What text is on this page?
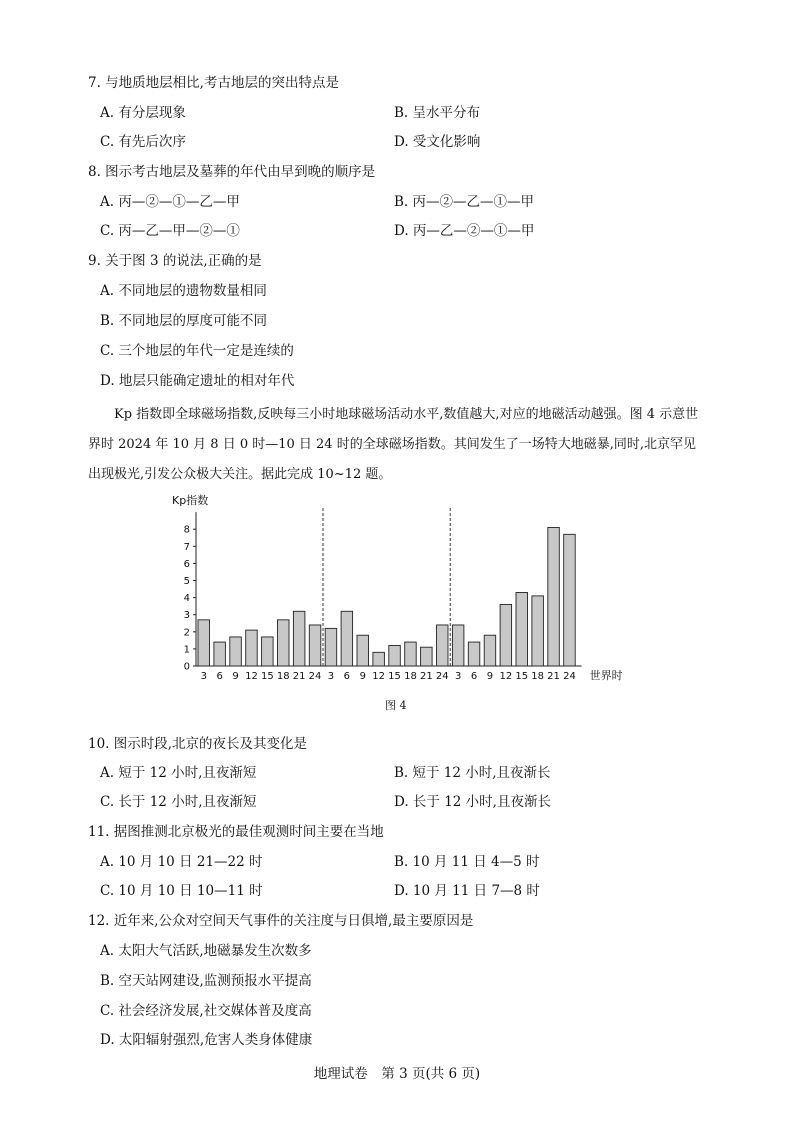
7. 与地质地层相比,考古地层的突出特点是
A. 有分层现象	B. 呈水平分布
C. 有先后次序	D. 受文化影响
8. 图示考古地层及墓葬的年代由早到晚的顺序是
A. 丙—②—①—乙—甲	B. 丙—②—乙—①—甲
C. 丙—乙—甲—②—①	D. 丙—乙—②—①—甲
9. 关于图 3 的说法,正确的是
A. 不同地层的遗物数量相同
B. 不同地层的厚度可能不同
C. 三个地层的年代一定是连续的
D. 地层只能确定遗址的相对年代
Kp 指数即全球磁场指数,反映每三小时地球磁场活动水平,数值越大,对应的地磁活动越强。图 4 示意世界时 2024 年 10 月 8 日 0 时—10 日 24 时的全球磁场指数。其间发生了一场特大地磁暴,同时,北京罕见出现极光,引发公众极大关注。据此完成 10~12 题。
Kp指数
0
1
2
3
4
5
6
7
8
3 6 9 12 15 18 21 24 3 6 9 12 15 18 21 24 3 6 9 12 15 18 21 24 世界时
图 4
10. 图示时段,北京的夜长及其变化是
A. 短于 12 小时,且夜渐短	B. 短于 12 小时,且夜渐长
C. 长于 12 小时,且夜渐短	D. 长于 12 小时,且夜渐长
11. 据图推测北京极光的最佳观测时间主要在当地
A. 10 月 10 日 21—22 时	B. 10 月 11 日 4—5 时
C. 10 月 10 日 10—11 时	D. 10 月 11 日 7—8 时
12. 近年来,公众对空间天气事件的关注度与日俱增,最主要原因是
A. 太阳大气活跃,地磁暴发生次数多
B. 空天站网建设,监测预报水平提高
C. 社会经济发展,社交媒体普及度高
D. 太阳辐射强烈,危害人类身体健康
地理试卷　第 3 页(共 6 页)
